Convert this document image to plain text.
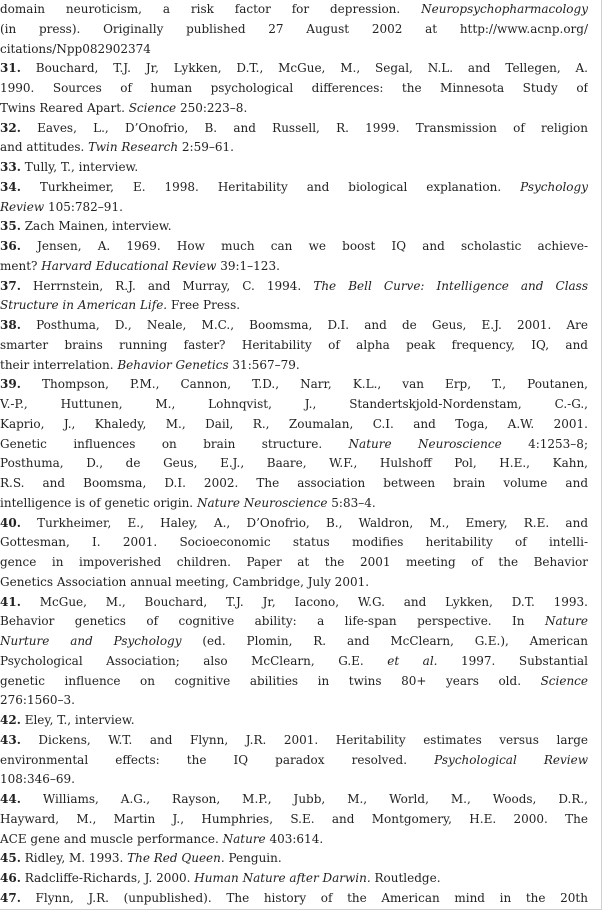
domain neuroticism, a risk factor for depression. Neuropsychopharmacology
(in press). Originally published 27 August 2002 at http://www.acnp.org/
citations/Npp082902374
31. Bouchard, T.J. Jr, Lykken, D.T., McGue, M., Segal, N.L. and Tellegen, A.
1990. Sources of human psychological differences: the Minnesota Study of
Twins Reared Apart. Science 250:223–8.
32. Eaves, L., D’Onofrio, B. and Russell, R. 1999. Transmission of religion
and attitudes. Twin Research 2:59–61.
33. Tully, T., interview.
34. Turkheimer, E. 1998. Heritability and biological explanation. Psychology
Review 105:782–91.
35. Zach Mainen, interview.
36. Jensen, A. 1969. How much can we boost IQ and scholastic achieve-
ment? Harvard Educational Review 39:1–123.
37. Herrnstein, R.J. and Murray, C. 1994. The Bell Curve: Intelligence and Class
Structure in American Life. Free Press.
38. Posthuma, D., Neale, M.C., Boomsma, D.I. and de Geus, E.J. 2001. Are
smarter brains running faster? Heritability of alpha peak frequency, IQ, and
their interrelation. Behavior Genetics 31:567–79.
39. Thompson, P.M., Cannon, T.D., Narr, K.L., van Erp, T., Poutanen,
V.-P., Huttunen, M., Lohnqvist, J., Standertskjold-Nordenstam, C.-G.,
Kaprio, J., Khaledy, M., Dail, R., Zoumalan, C.I. and Toga, A.W. 2001.
Genetic influences on brain structure. Nature Neuroscience 4:1253–8;
Posthuma, D., de Geus, E.J., Baare, W.F., Hulshoff Pol, H.E., Kahn,
R.S. and Boomsma, D.I. 2002. The association between brain volume and
intelligence is of genetic origin. Nature Neuroscience 5:83–4.
40. Turkheimer, E., Haley, A., D’Onofrio, B., Waldron, M., Emery, R.E. and
Gottesman, I. 2001. Socioeconomic status modifies heritability of intelli-
gence in impoverished children. Paper at the 2001 meeting of the Behavior
Genetics Association annual meeting, Cambridge, July 2001.
41. McGue, M., Bouchard, T.J. Jr, Iacono, W.G. and Lykken, D.T. 1993.
Behavior genetics of cognitive ability: a life-span perspective. In Nature
Nurture and Psychology (ed. Plomin, R. and McClearn, G.E.), American
Psychological Association; also McClearn, G.E. et al. 1997. Substantial
genetic influence on cognitive abilities in twins 80+ years old. Science
276:1560–3.
42. Eley, T., interview.
43. Dickens, W.T. and Flynn, J.R. 2001. Heritability estimates versus large
environmental effects: the IQ paradox resolved. Psychological Review
108:346–69.
44. Williams, A.G., Rayson, M.P., Jubb, M., World, M., Woods, D.R.,
Hayward, M., Martin J., Humphries, S.E. and Montgomery, H.E. 2000. The
ACE gene and muscle performance. Nature 403:614.
45. Ridley, M. 1993. The Red Queen. Penguin.
46. Radcliffe-Richards, J. 2000. Human Nature after Darwin. Routledge.
47. Flynn, J.R. (unpublished). The history of the American mind in the 20th
